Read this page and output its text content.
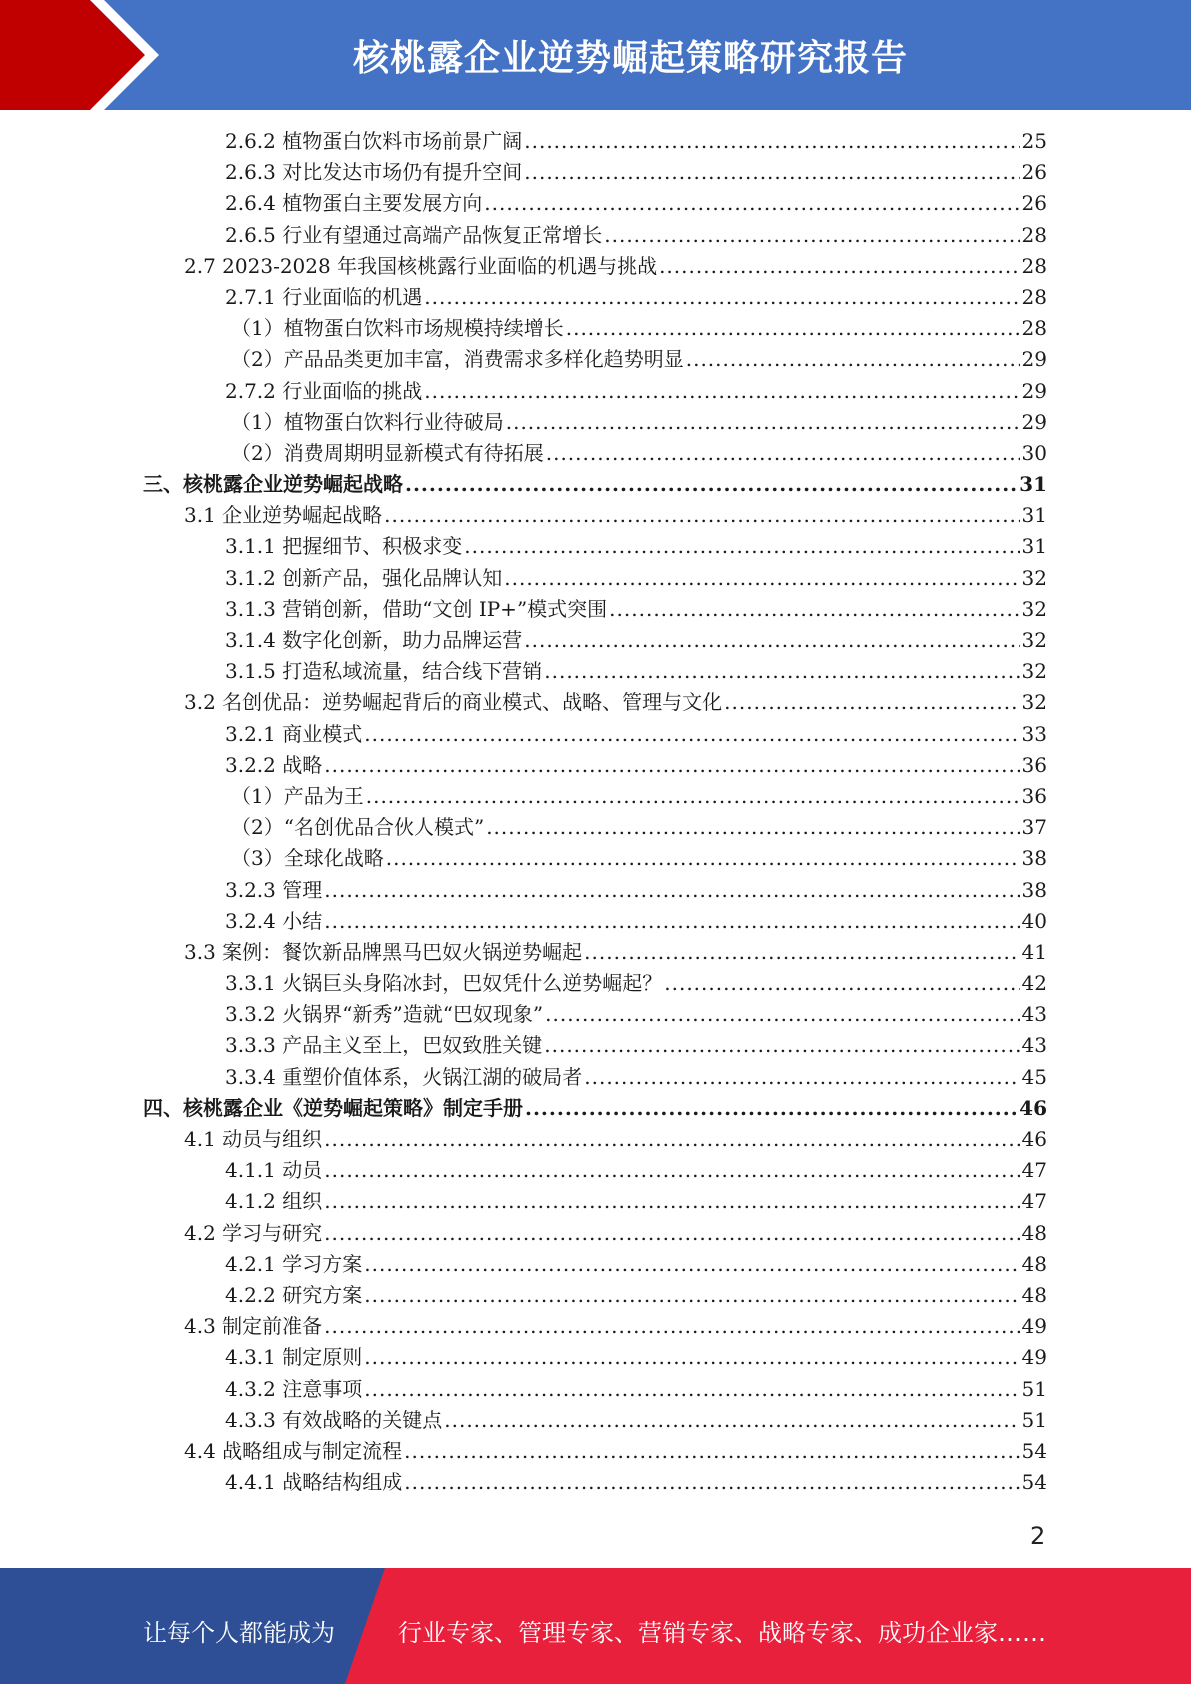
核桃露企业逆势崛起策略研究报告
2.6.2 植物蛋白饮料市场前景广阔 .....	25
2.6.3 对比发达市场仍有提升空间 .....	26
2.6.4 植物蛋白主要发展方向 .....	26
2.6.5 行业有望通过高端产品恢复正常增长 .....	28
2.7 2023-2028 年我国核桃露行业面临的机遇与挑战 .....	28
2.7.1 行业面临的机遇 .....	28
（1）植物蛋白饮料市场规模持续增长 .....	28
（2）产品品类更加丰富，消费需求多样化趋势明显 .....	29
2.7.2 行业面临的挑战 .....	29
（1）植物蛋白饮料行业待破局 .....	29
（2）消费周期明显新模式有待拓展 .....	30
三、核桃露企业逆势崛起战略 .....	31
3.1 企业逆势崛起战略 .....	31
3.1.1 把握细节、积极求变 .....	31
3.1.2 创新产品，强化品牌认知 .....	32
3.1.3 营销创新，借助“文创 IP+”模式突围 .....	32
3.1.4 数字化创新，助力品牌运营 .....	32
3.1.5 打造私域流量，结合线下营销 .....	32
3.2 名创优品：逆势崛起背后的商业模式、战略、管理与文化 .....	32
3.2.1 商业模式 .....	33
3.2.2 战略 .....	36
（1）产品为王 .....	36
（2）“名创优品合伙人模式” .....	37
（3）全球化战略 .....	38
3.2.3 管理 .....	38
3.2.4 小结 .....	40
3.3 案例：餐饮新品牌黑马巴奴火锅逆势崛起 .....	41
3.3.1 火锅巨头身陷冰封，巴奴凭什么逆势崛起？ .....	42
3.3.2 火锅界“新秀”造就“巴奴现象” .....	43
3.3.3 产品主义至上，巴奴致胜关键 .....	43
3.3.4 重塑价值体系，火锅江湖的破局者 .....	45
四、核桃露企业《逆势崛起策略》制定手册 .....	46
4.1 动员与组织 .....	46
4.1.1 动员 .....	47
4.1.2 组织 .....	47
4.2 学习与研究 .....	48
4.2.1 学习方案 .....	48
4.2.2 研究方案 .....	48
4.3 制定前准备 .....	49
4.3.1 制定原则 .....	49
4.3.2 注意事项 .....	51
4.3.3 有效战略的关键点 .....	51
4.4 战略组成与制定流程 .....	54
4.4.1 战略结构组成 .....	54
2
让每个人都能成为	行业专家、管理专家、营销专家、战略专家、成功企业家……
